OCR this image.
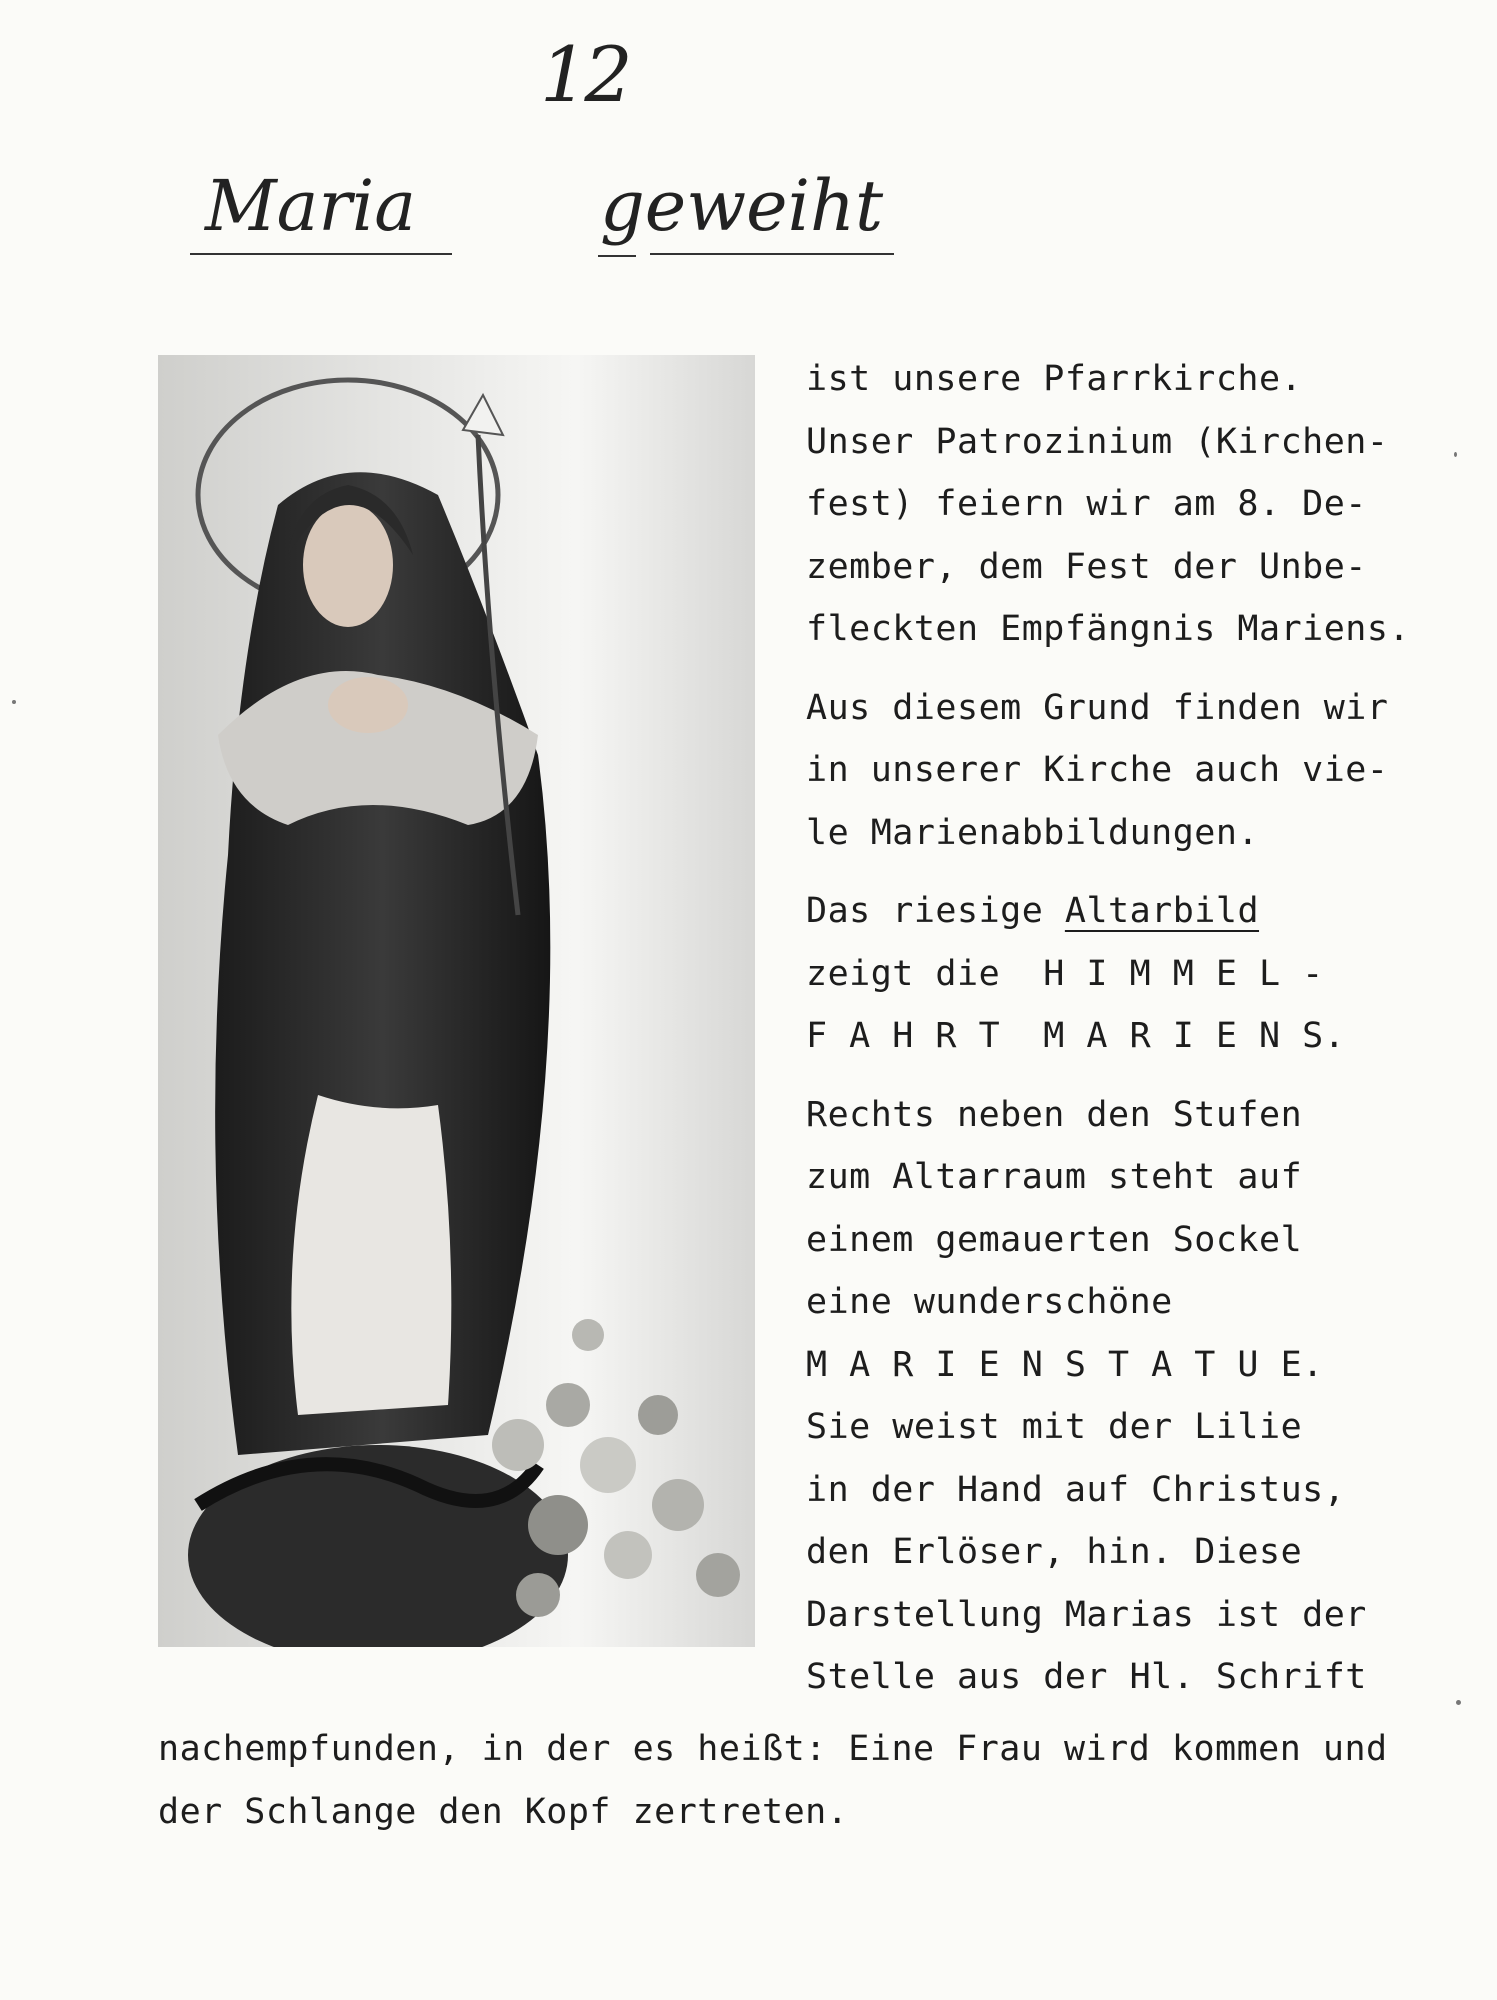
12
Maria	geweiht
ist unsere Pfarrkirche.
Unser Patrozinium (Kirchen-
fest) feiern wir am 8. De-
zember, dem Fest der Unbe-
fleckten Empfängnis Mariens.
Aus diesem Grund finden wir
in unserer Kirche auch vie-
le Marienabbildungen.
Das riesige Altarbild
zeigt die  H I M M E L -
F A H R T  M A R I E N S.
Rechts neben den Stufen
zum Altarraum steht auf
einem gemauerten Sockel
eine wunderschöne
M A R I E N S T A T U E.
Sie weist mit der Lilie
in der Hand auf Christus,
den Erlöser, hin. Diese
Darstellung Marias ist der
Stelle aus der Hl. Schrift
nachempfunden, in der es heißt: Eine Frau wird kommen und
der Schlange den Kopf zertreten.
